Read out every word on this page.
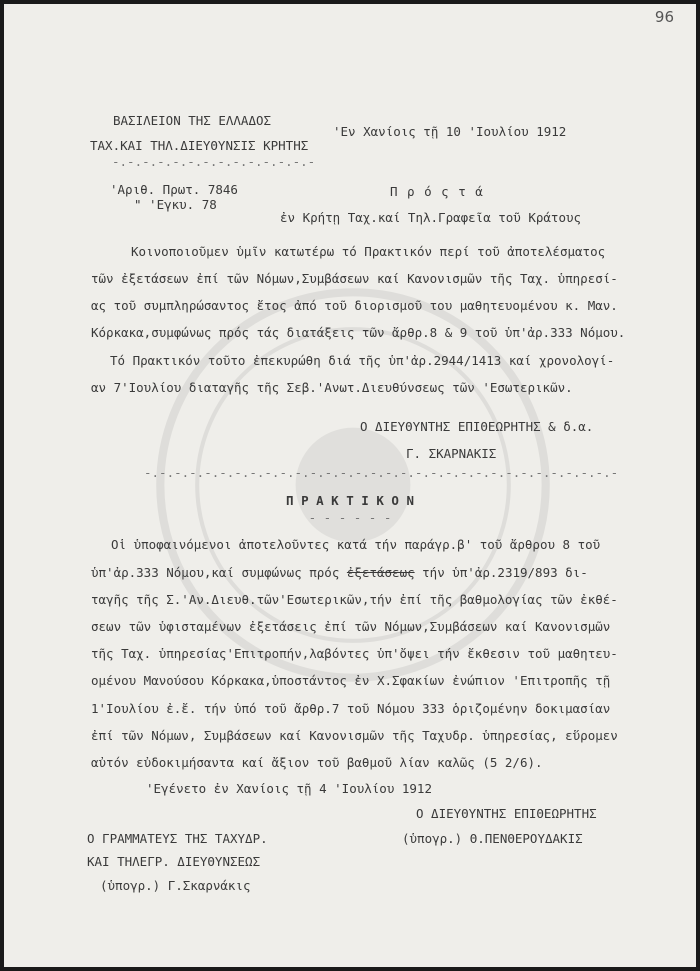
96
ΒΑΣΙΛΕΙΟΝ ΤΗΣ ΕΛΛΑΔΟΣ
ΤΑΧ.ΚΑΙ ΤΗΛ.ΔΙΕΥΘΥΝΣΙΣ ΚΡΗΤΗΣ
-.-.-.-.-.-.-.-.-.-.-.-.-.-
'Εν Χανίοις τῇ 10 'Ιουλίου 1912
'Αριθ. Πρωτ. 7846
" 'Εγκυ. 78
Π ρ ό ς τ ά
ἐν Κρήτῃ Ταχ.καί Τηλ.Γραφεῖα τοῦ Κράτους
Κοινοποιοῦμεν ὑμῖν κατωτέρω τό Πρακτικόν περί τοῦ ἀποτελέσματος
τῶν ἐξετάσεων ἐπί τῶν Νόμων,Συμβάσεων καί Κανονισμῶν τῆς Ταχ. ὑπηρεσί-
ας τοῦ συμπληρώσαντος ἔτος ἀπό τοῦ διορισμοῦ του μαθητευομένου κ. Μαν.
Κόρκακα,συμφώνως πρός τάς διατάξεις τῶν ἄρθρ.8 & 9 τοῦ ὑπ'ἀρ.333 Νόμου.
Τό Πρακτικόν τοῦτο ἐπεκυρώθη διά τῆς ὑπ'ἀρ.2944/1413 καί χρονολογί-
αν 7'Ιουλίου διαταγῆς τῆς Σεβ.'Ανωτ.Διευθύνσεως τῶν 'Εσωτερικῶν.
Ο ΔΙΕΥΘΥΝΤΗΣ ΕΠΙΘΕΩΡΗΤΗΣ & δ.α.
Γ. ΣΚΑΡΝΑΚΙΣ
-.-.-.-.-.-.-.-.-.-.-.-.-.-.-.-.-.-.-.-.-.-.-.-.-.-.-.-.-.-.-.-
Π Ρ Α Κ Τ Ι Κ Ο Ν
- - - - - -
Οἱ ὑποφαινόμενοι ἀποτελοῦντες κατά τήν παράγρ.β' τοῦ ἄρθρου 8 τοῦ
ὑπ'ἀρ.333 Νόμου,καί συμφώνως πρός ἐξετάσεως τήν ὑπ'ἀρ.2319/893 δι-
ταγῆς τῆς Σ.'Αν.Διευθ.τῶν'Εσωτερικῶν,τήν ἐπί τῆς βαθμολογίας τῶν ἐκθέ-
σεων τῶν ὑφισταμένων ἐξετάσεις ἐπί τῶν Νόμων,Συμβάσεων καί Κανονισμῶν
τῆς Ταχ. ὑπηρεσίας'Επιτροπήν,λαβόντες ὑπ'ὄψει τήν ἔκθεσιν τοῦ μαθητευ-
ομένου Μανούσου Κόρκακα,ὑποστάντος ἐν Χ.Σφακίων ἐνώπιον 'Επιτροπῆς τῇ
1'Ιουλίου ἐ.ἔ. τήν ὑπό τοῦ ἄρθρ.7 τοῦ Νόμου 333 ὁριζομένην δοκιμασίαν
ἐπί τῶν Νόμων, Συμβάσεων καί Κανονισμῶν τῆς Ταχυδρ. ὑπηρεσίας, εὕρομεν
αὐτόν εὐδοκιμήσαντα καί ἄξιον τοῦ βαθμοῦ λίαν καλῶς (5 2/6).
'Εγένετο ἐν Χανίοις τῇ 4 'Ιουλίου 1912
Ο ΔΙΕΥΘΥΝΤΗΣ ΕΠΙΘΕΩΡΗΤΗΣ
(ὑπογρ.) Θ.ΠΕΝΘΕΡΟΥΔΑΚΙΣ
Ο ΓΡΑΜΜΑΤΕΥΣ ΤΗΣ ΤΑΧΥΔΡ.
ΚΑΙ ΤΗΛΕΓΡ. ΔΙΕΥΘΥΝΣΕΩΣ
(ὑπογρ.) Γ.Σκαρνάκις
